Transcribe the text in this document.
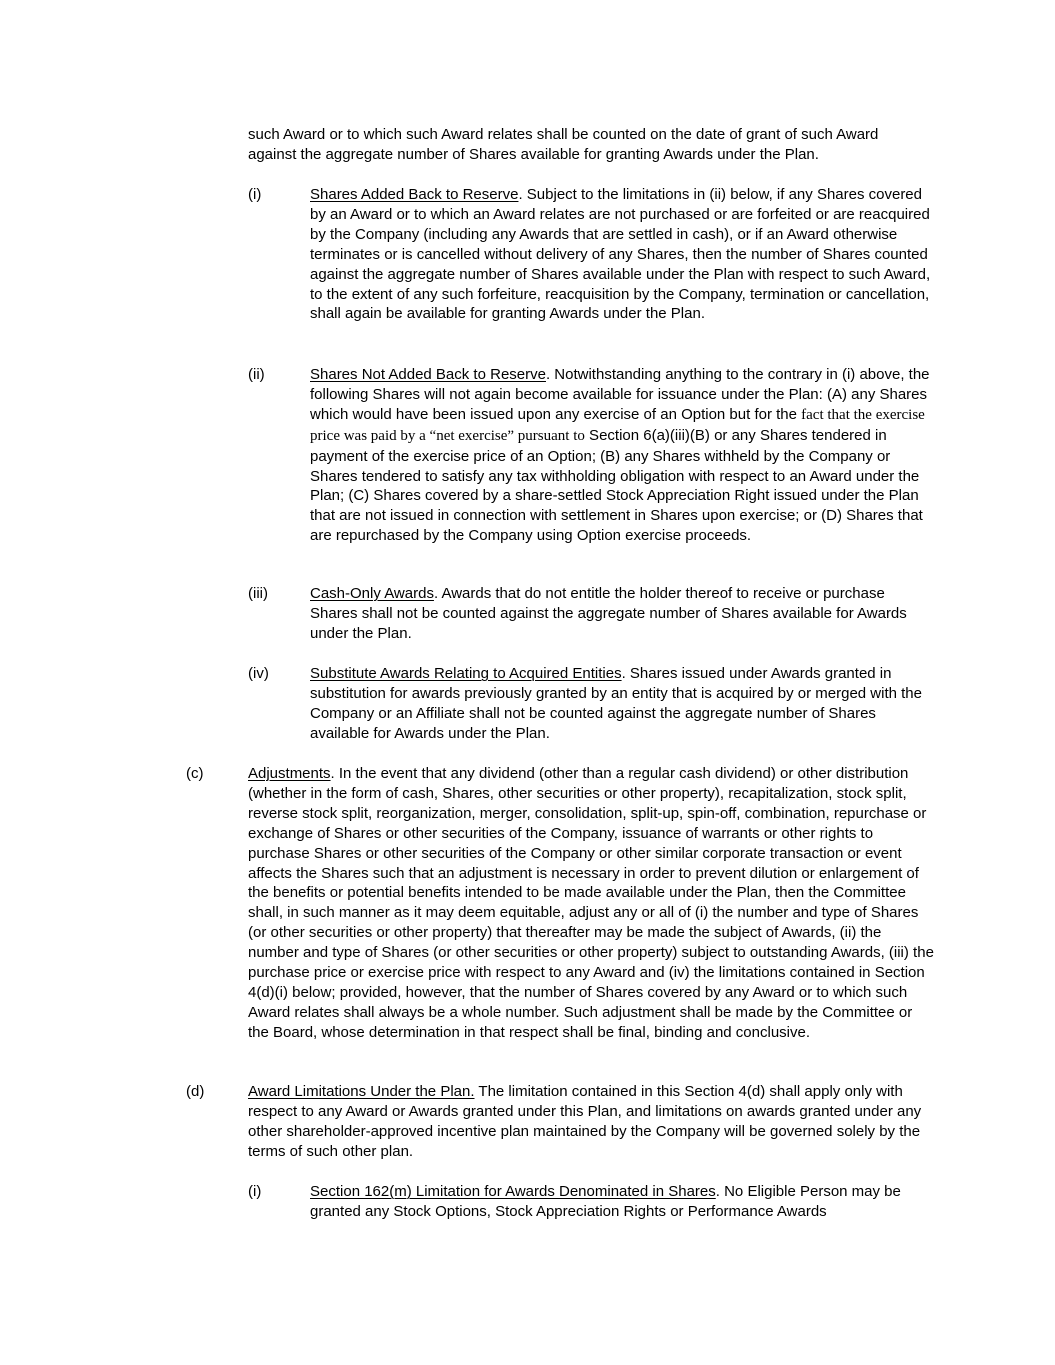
such Award or to which such Award relates shall be counted on the date of grant of such Award against the aggregate number of Shares available for granting Awards under the Plan.

(i)	Shares Added Back to Reserve. Subject to the limitations in (ii) below, if any Shares covered by an Award or to which an Award relates are not purchased or are forfeited or are reacquired by the Company (including any Awards that are settled in cash), or if an Award otherwise terminates or is cancelled without delivery of any Shares, then the number of Shares counted against the aggregate number of Shares available under the Plan with respect to such Award, to the extent of any such forfeiture, reacquisition by the Company, termination or cancellation, shall again be available for granting Awards under the Plan.

(ii)	Shares Not Added Back to Reserve. Notwithstanding anything to the contrary in (i) above, the following Shares will not again become available for issuance under the Plan: (A) any Shares which would have been issued upon any exercise of an Option but for the fact that the exercise price was paid by a “net exercise” pursuant to Section 6(a)(iii)(B) or any Shares tendered in payment of the exercise price of an Option; (B) any Shares withheld by the Company or Shares tendered to satisfy any tax withholding obligation with respect to an Award under the Plan; (C) Shares covered by a share-settled Stock Appreciation Right issued under the Plan that are not issued in connection with settlement in Shares upon exercise; or (D) Shares that are repurchased by the Company using Option exercise proceeds.

(iii)	Cash-Only Awards. Awards that do not entitle the holder thereof to receive or purchase Shares shall not be counted against the aggregate number of Shares available for Awards under the Plan.

(iv)	Substitute Awards Relating to Acquired Entities. Shares issued under Awards granted in substitution for awards previously granted by an entity that is acquired by or merged with the Company or an Affiliate shall not be counted against the aggregate number of Shares available for Awards under the Plan.

(c)	Adjustments. In the event that any dividend (other than a regular cash dividend) or other distribution (whether in the form of cash, Shares, other securities or other property), recapitalization, stock split, reverse stock split, reorganization, merger, consolidation, split-up, spin-off, combination, repurchase or exchange of Shares or other securities of the Company, issuance of warrants or other rights to purchase Shares or other securities of the Company or other similar corporate transaction or event affects the Shares such that an adjustment is necessary in order to prevent dilution or enlargement of the benefits or potential benefits intended to be made available under the Plan, then the Committee shall, in such manner as it may deem equitable, adjust any or all of (i) the number and type of Shares (or other securities or other property) that thereafter may be made the subject of Awards, (ii) the number and type of Shares (or other securities or other property) subject to outstanding Awards, (iii) the purchase price or exercise price with respect to any Award and (iv) the limitations contained in Section 4(d)(i) below; provided, however, that the number of Shares covered by any Award or to which such Award relates shall always be a whole number. Such adjustment shall be made by the Committee or the Board, whose determination in that respect shall be final, binding and conclusive.

(d)	Award Limitations Under the Plan. The limitation contained in this Section 4(d) shall apply only with respect to any Award or Awards granted under this Plan, and limitations on awards granted under any other shareholder-approved incentive plan maintained by the Company will be governed solely by the terms of such other plan.

(i)	Section 162(m) Limitation for Awards Denominated in Shares. No Eligible Person may be granted any Stock Options, Stock Appreciation Rights or Performance Awards
